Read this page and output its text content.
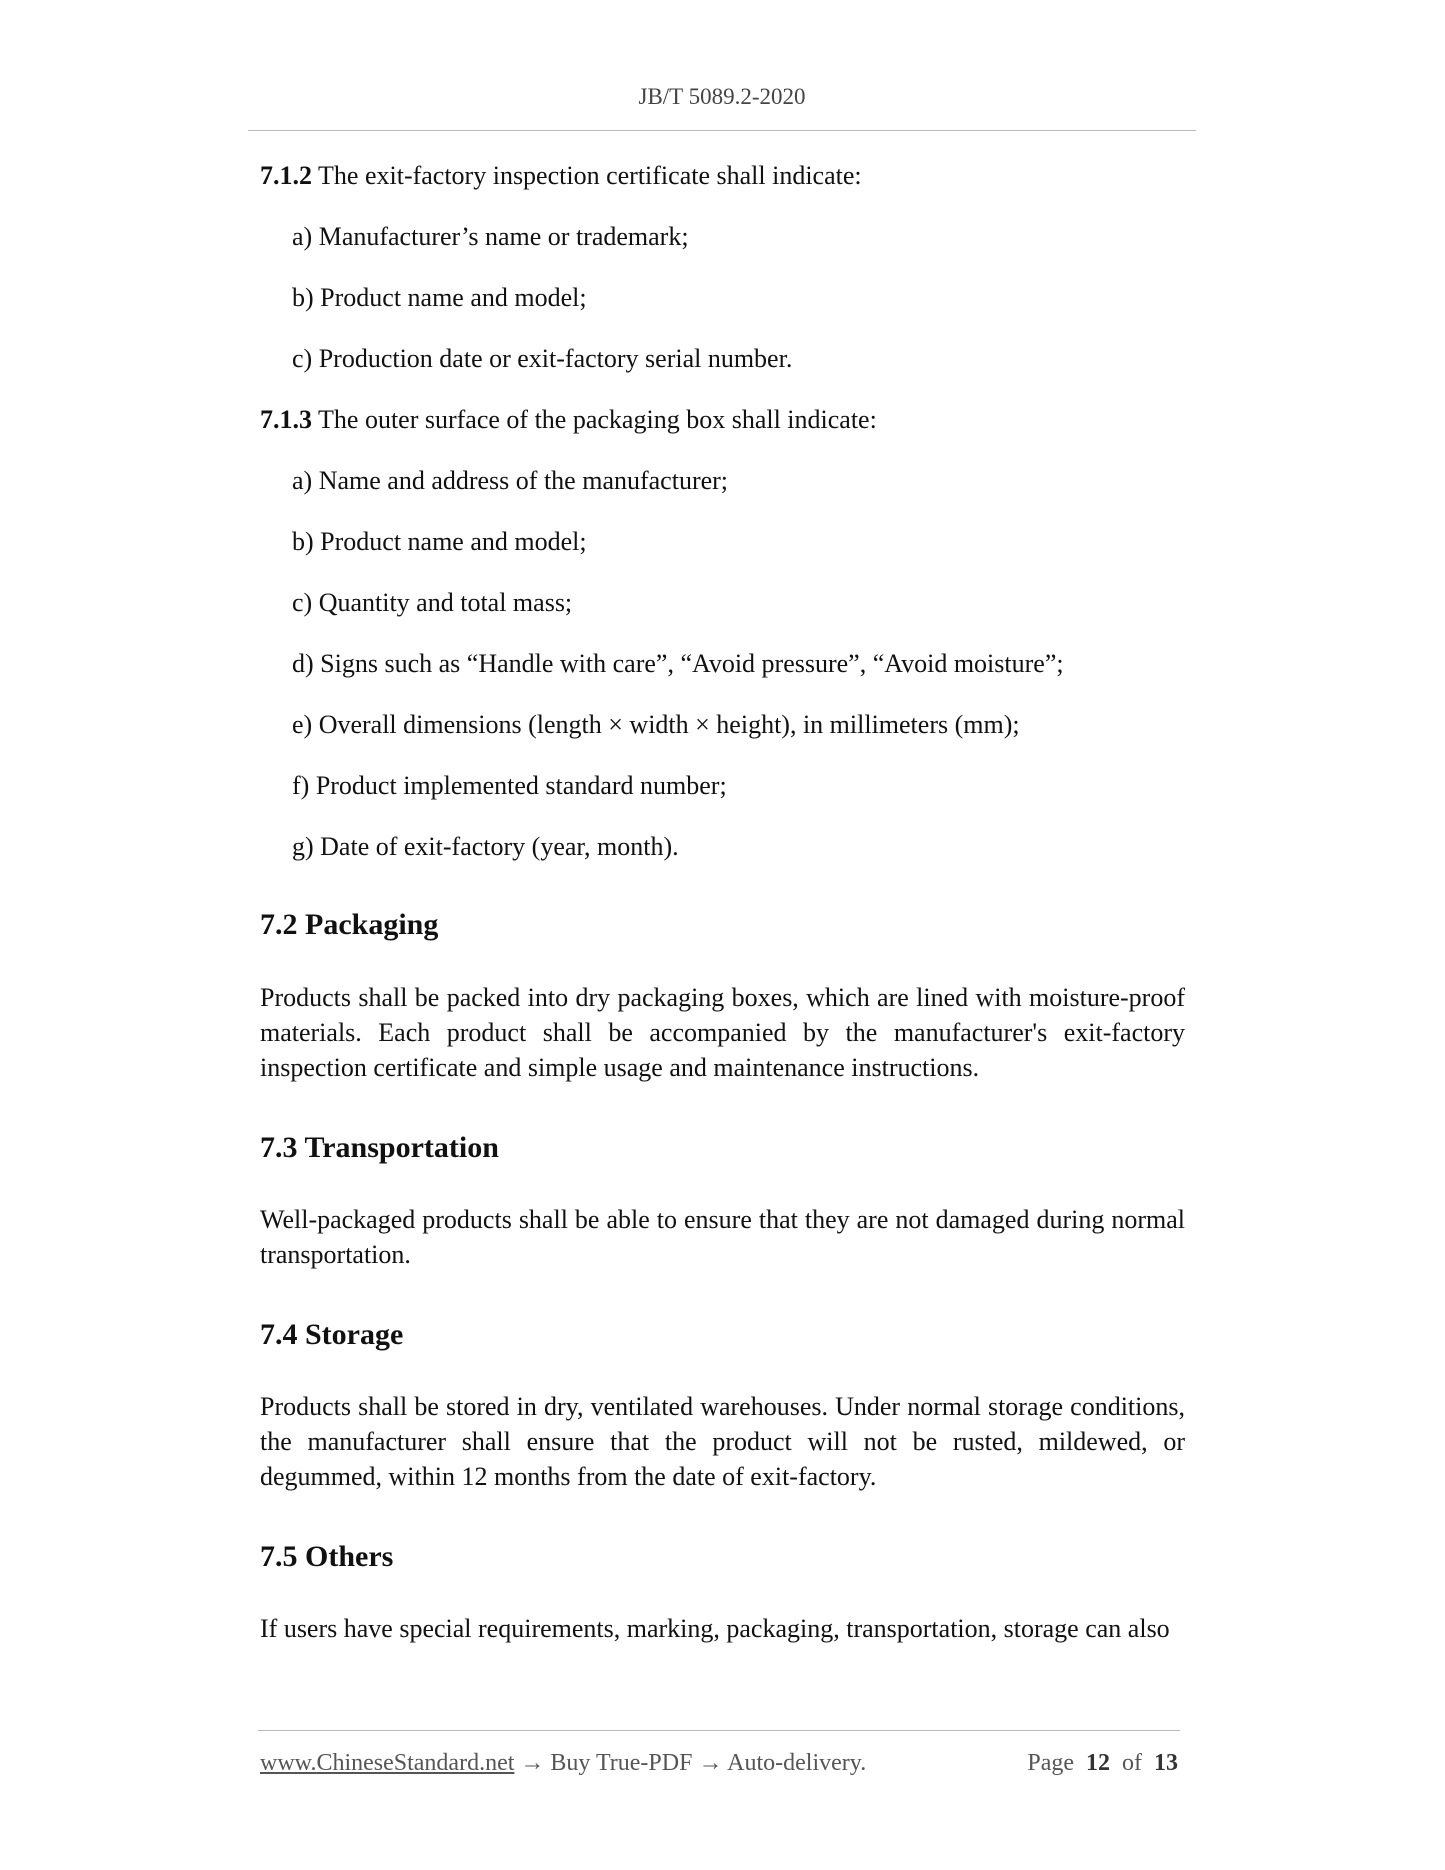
JB/T 5089.2-2020

7.1.2 The exit-factory inspection certificate shall indicate:

a) Manufacturer’s name or trademark;
b) Product name and model;
c) Production date or exit-factory serial number.

7.1.3 The outer surface of the packaging box shall indicate:

a) Name and address of the manufacturer;
b) Product name and model;
c) Quantity and total mass;
d) Signs such as “Handle with care”, “Avoid pressure”, “Avoid moisture”;
e) Overall dimensions (length × width × height), in millimeters (mm);
f) Product implemented standard number;
g) Date of exit-factory (year, month).
7.2 Packaging

Products shall be packed into dry packaging boxes, which are lined with moisture-proof materials. Each product shall be accompanied by the manufacturer's exit-factory inspection certificate and simple usage and maintenance instructions.

7.3 Transportation

Well-packaged products shall be able to ensure that they are not damaged during normal transportation.

7.4 Storage

Products shall be stored in dry, ventilated warehouses. Under normal storage conditions, the manufacturer shall ensure that the product will not be rusted, mildewed, or degummed, within 12 months from the date of exit-factory.

7.5 Others

If users have special requirements, marking, packaging, transportation, storage can also

www.ChineseStandard.net → Buy True-PDF → Auto-delivery.	Page 12 of 13
